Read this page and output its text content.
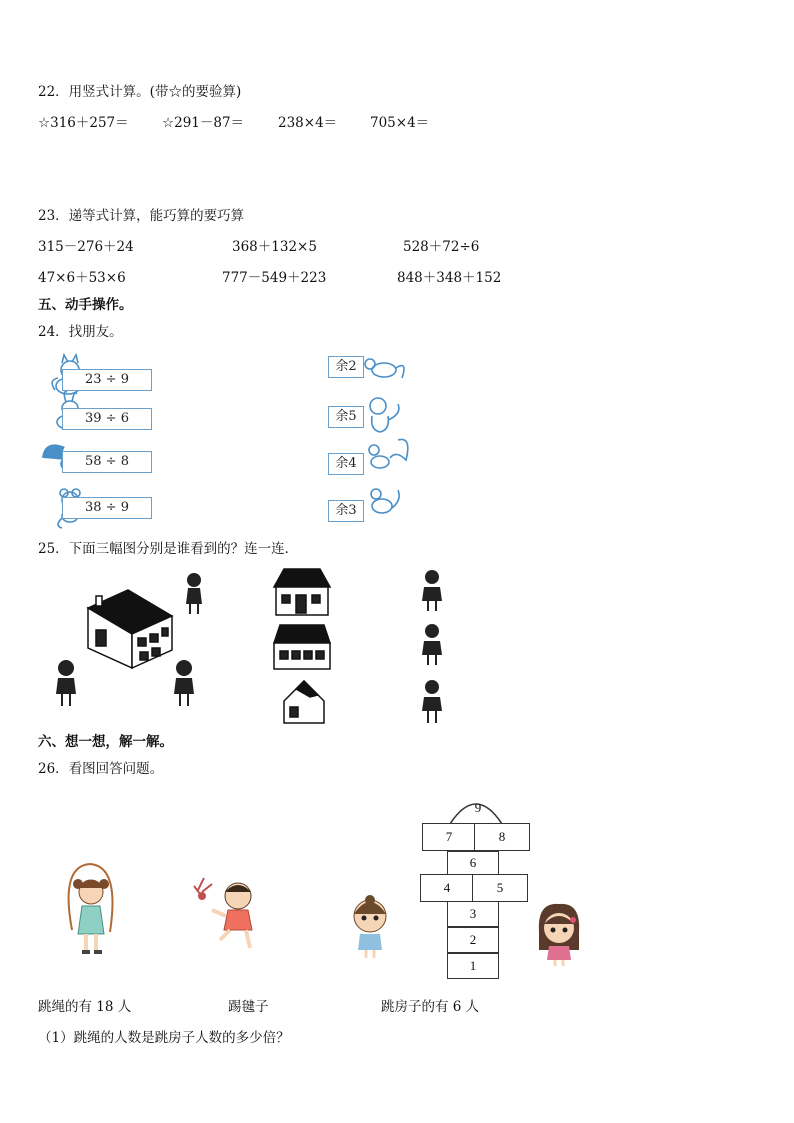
22．用竖式计算。(带☆的要验算)
☆316＋257＝ ☆291－87＝	238×4＝ 705×4＝
23．递等式计算，能巧算的要巧算
315－276＋24	368＋132×5	528＋72÷6
47×6＋53×6	777－549＋223	848＋348＋152
五、动手操作。
24．找朋友。
23 ÷ 9
39 ÷ 6
58 ÷ 8
38 ÷ 9
余2
余5
余4
余3
25．下面三幅图分别是谁看到的？连一连．
六、想一想，解一解。
26．看图回答问题。
9
7	8
6
4	5
3
2
1
跳绳的有 18 人	踢毽子	跳房子的有 6 人
（1）跳绳的人数是跳房子人数的多少倍？
